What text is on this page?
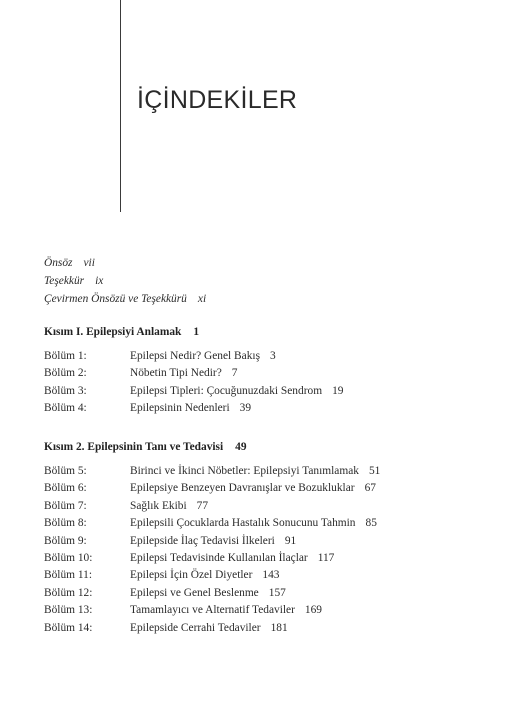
İÇİNDEKİLER
Önsöz vii
Teşekkür ix
Çevirmen Önsözü ve Teşekkürü xi
Kısım I. Epilepsiyi Anlamak 1
Bölüm 1:	Epilepsi Nedir? Genel Bakış 3
Bölüm 2:	Nöbetin Tipi Nedir? 7
Bölüm 3:	Epilepsi Tipleri: Çocuğunuzdaki Sendrom 19
Bölüm 4:	Epilepsinin Nedenleri 39
Kısım 2. Epilepsinin Tanı ve Tedavisi 49
Bölüm 5:	Birinci ve İkinci Nöbetler: Epilepsiyi Tanımlamak 51
Bölüm 6:	Epilepsiye Benzeyen Davranışlar ve Bozukluklar 67
Bölüm 7:	Sağlık Ekibi 77
Bölüm 8:	Epilepsili Çocuklarda Hastalık Sonucunu Tahmin 85
Bölüm 9:	Epilepside İlaç Tedavisi İlkeleri 91
Bölüm 10:	Epilepsi Tedavisinde Kullanılan İlaçlar 117
Bölüm 11:	Epilepsi İçin Özel Diyetler 143
Bölüm 12:	Epilepsi ve Genel Beslenme 157
Bölüm 13:	Tamamlayıcı ve Alternatif Tedaviler 169
Bölüm 14:	Epilepside Cerrahi Tedaviler 181
